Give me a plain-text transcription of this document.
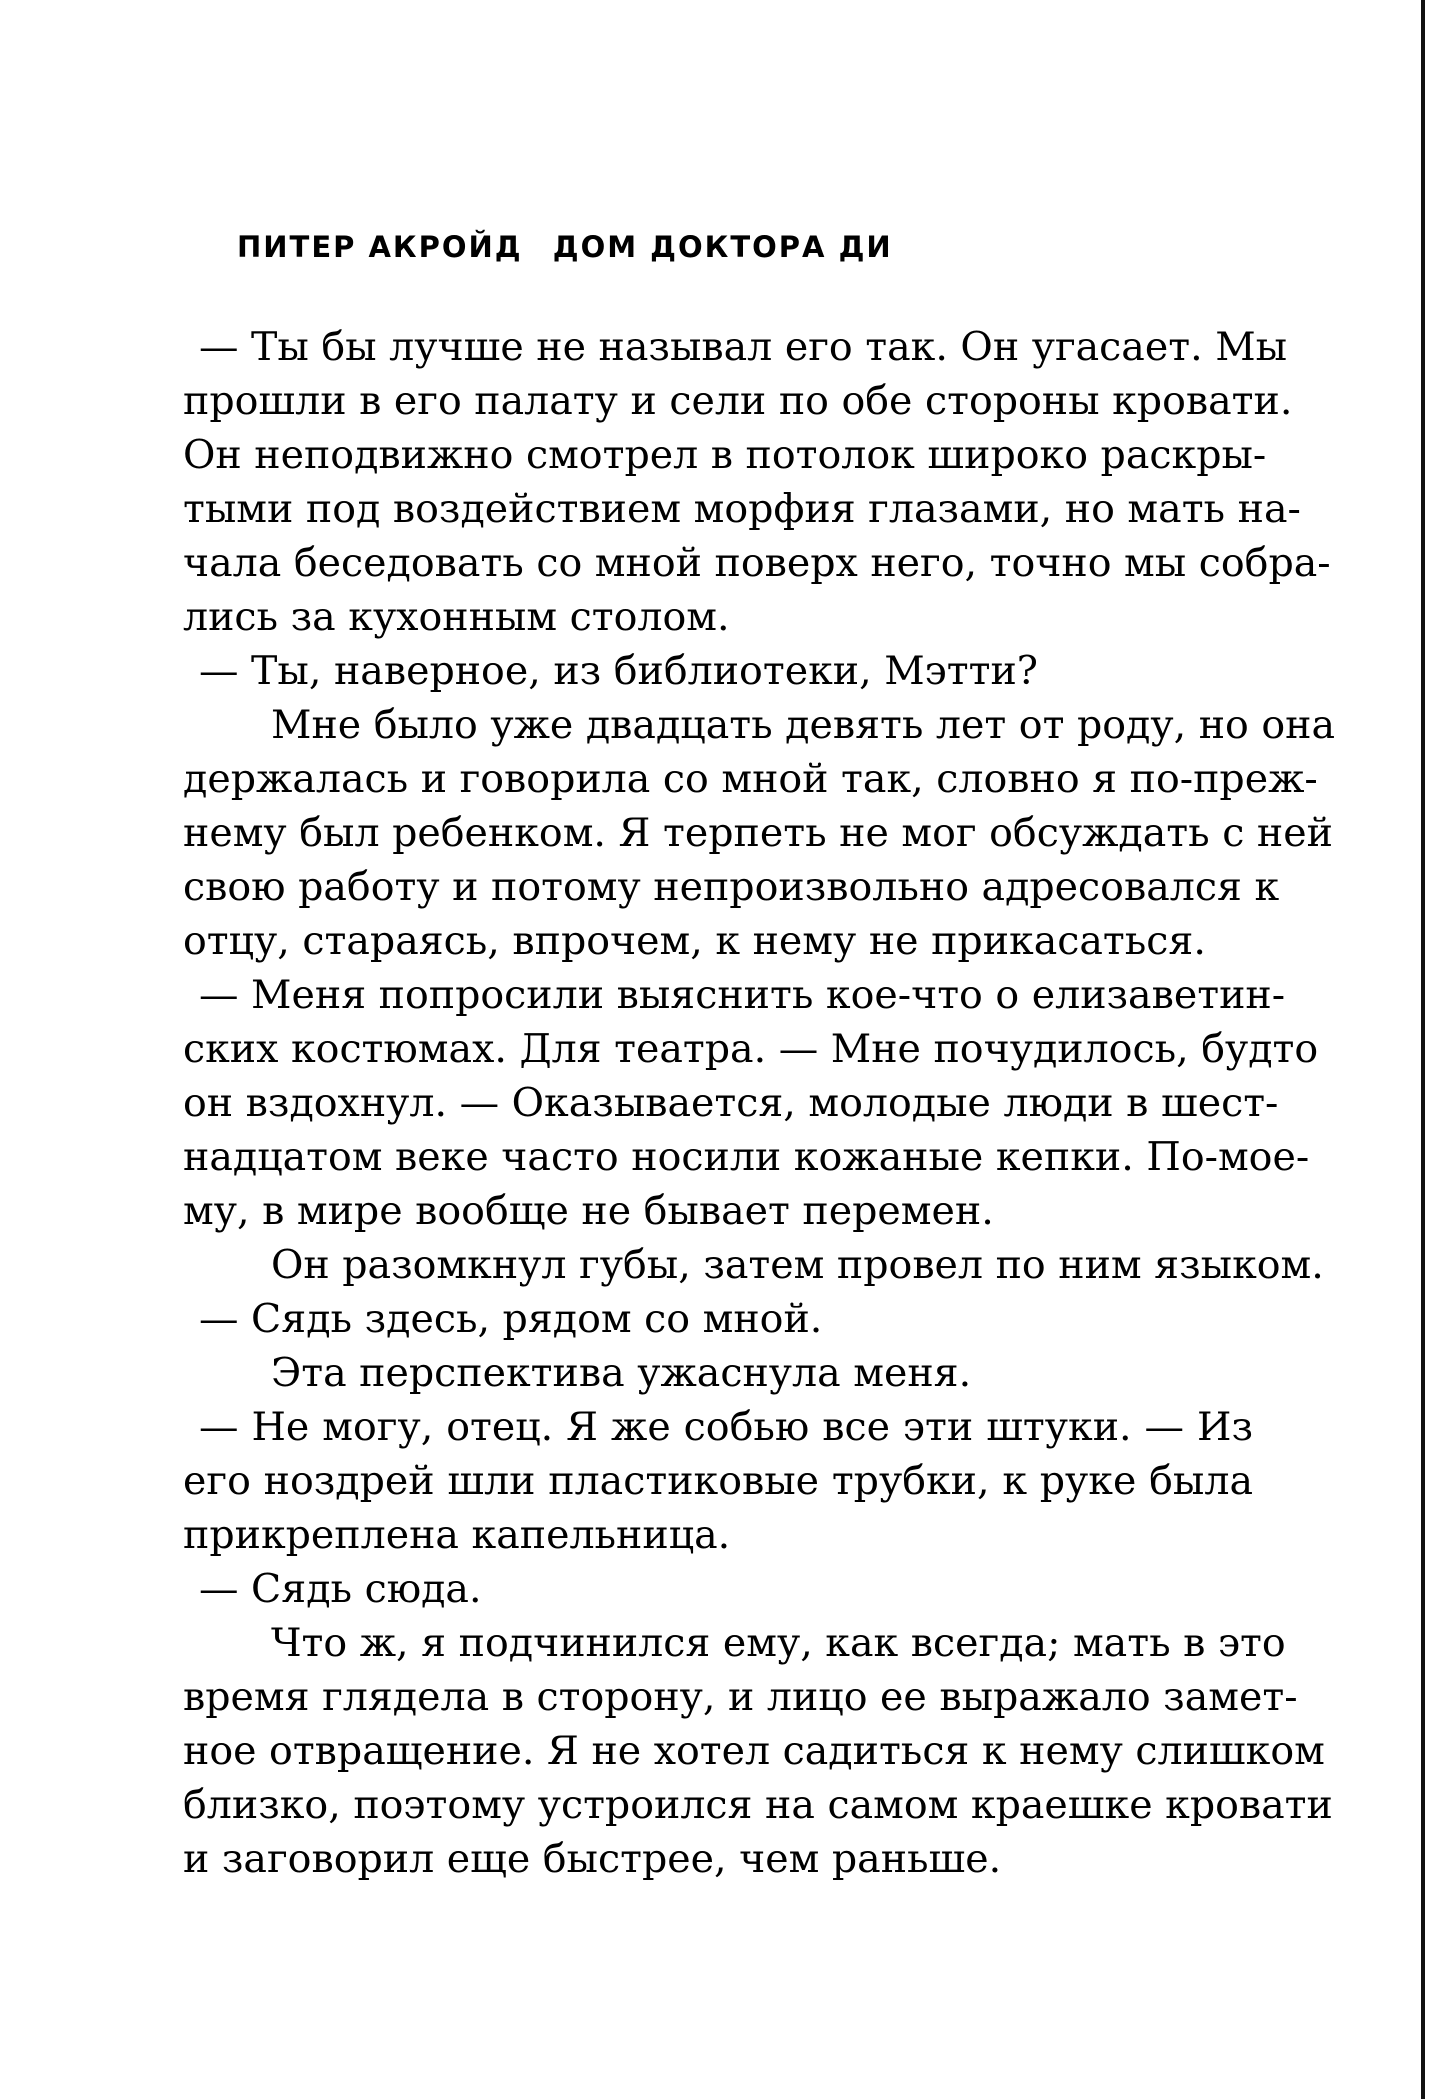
ПИТЕР АКРОЙД ДОМ ДОКТОРА ДИ
— Ты бы лучше не называл его так. Он угасает. Мы
прошли в его палату и сели по обе стороны кровати.
Он неподвижно смотрел в потолок широко раскры-
тыми под воздействием морфия глазами, но мать на-
чала беседовать со мной поверх него, точно мы собра-
лись за кухонным столом.
— Ты, наверное, из библиотеки, Мэтти?
Мне было уже двадцать девять лет от роду, но она
держалась и говорила со мной так, словно я по-преж-
нему был ребенком. Я терпеть не мог обсуждать с ней
свою работу и потому непроизвольно адресовался к
отцу, стараясь, впрочем, к нему не прикасаться.
— Меня попросили выяснить кое-что о елизаветин-
ских костюмах. Для театра. — Мне почудилось, будто
он вздохнул. — Оказывается, молодые люди в шест-
надцатом веке часто носили кожаные кепки. По-мое-
му, в мире вообще не бывает перемен.
Он разомкнул губы, затем провел по ним языком.
— Сядь здесь, рядом со мной.
Эта перспектива ужаснула меня.
— Не могу, отец. Я же собью все эти штуки. — Из
его ноздрей шли пластиковые трубки, к руке была
прикреплена капельница.
— Сядь сюда.
Что ж, я подчинился ему, как всегда; мать в это
время глядела в сторону, и лицо ее выражало замет-
ное отвращение. Я не хотел садиться к нему слишком
близко, поэтому устроился на самом краешке кровати
и заговорил еще быстрее, чем раньше.
